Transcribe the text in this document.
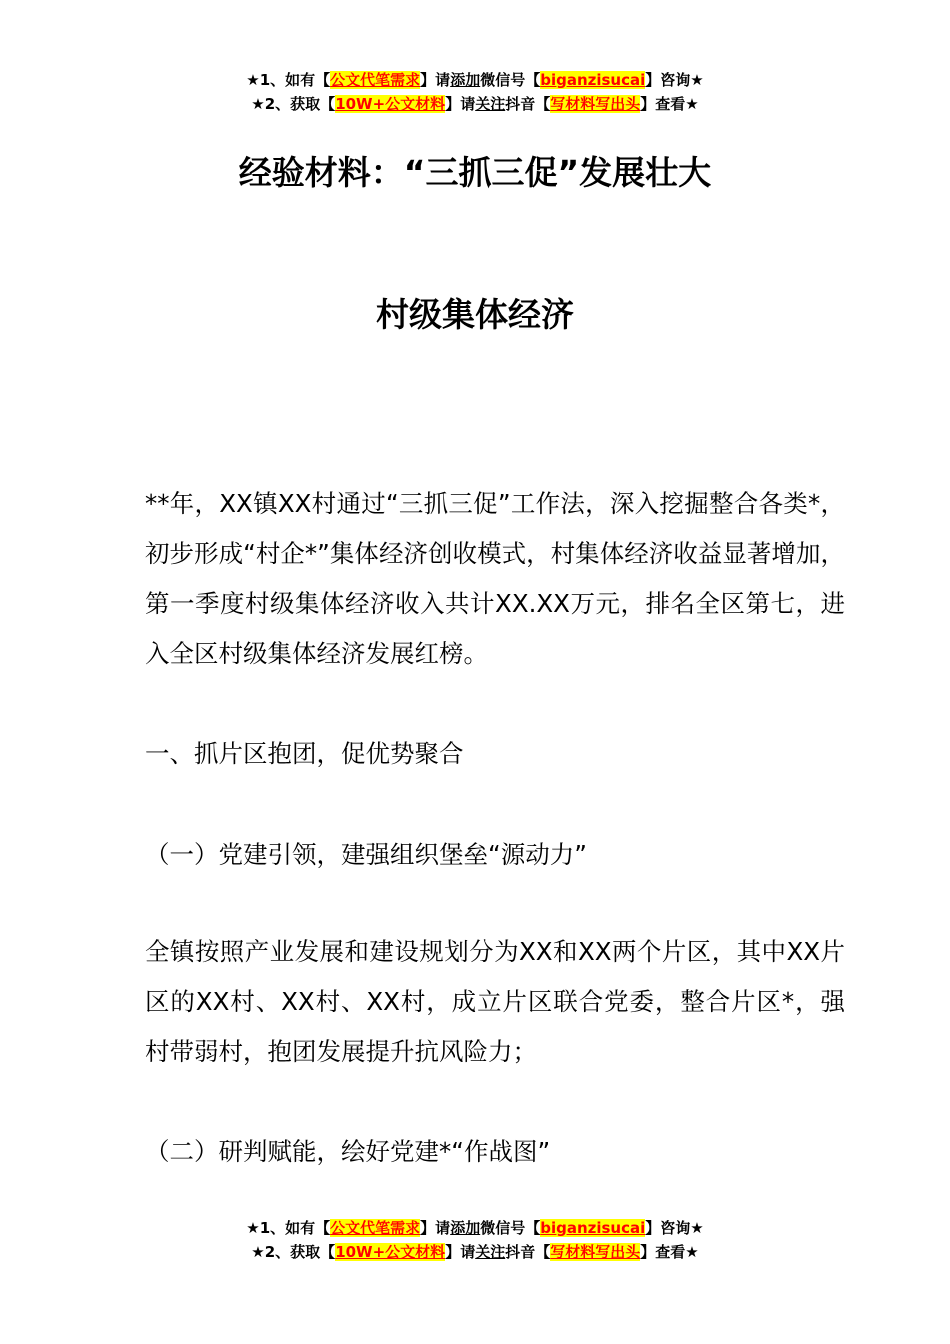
★1、如有【公文代笔需求】请添加微信号【biganzisucai】咨询★
★2、获取【10W+公文材料】请关注抖音【写材料写出头】查看★
经验材料：“三抓三促”发展壮大
村级集体经济

**年，XX镇XX村通过“三抓三促”工作法，深入挖掘整合各类*，初步形成“村企*”集体经济创收模式，村集体经济收益显著增加，第一季度村级集体经济收入共计XX.XX万元，排名全区第七，进入全区村级集体经济发展红榜。

一、抓片区抱团，促优势聚合

（一）党建引领，建强组织堡垒“源动力”

全镇按照产业发展和建设规划分为XX和XX两个片区，其中XX片区的XX村、XX村、XX村，成立片区联合党委，整合片区*，强村带弱村，抱团发展提升抗风险力；

（二）研判赋能，绘好党建*“作战图”

★1、如有【公文代笔需求】请添加微信号【biganzisucai】咨询★
★2、获取【10W+公文材料】请关注抖音【写材料写出头】查看★
